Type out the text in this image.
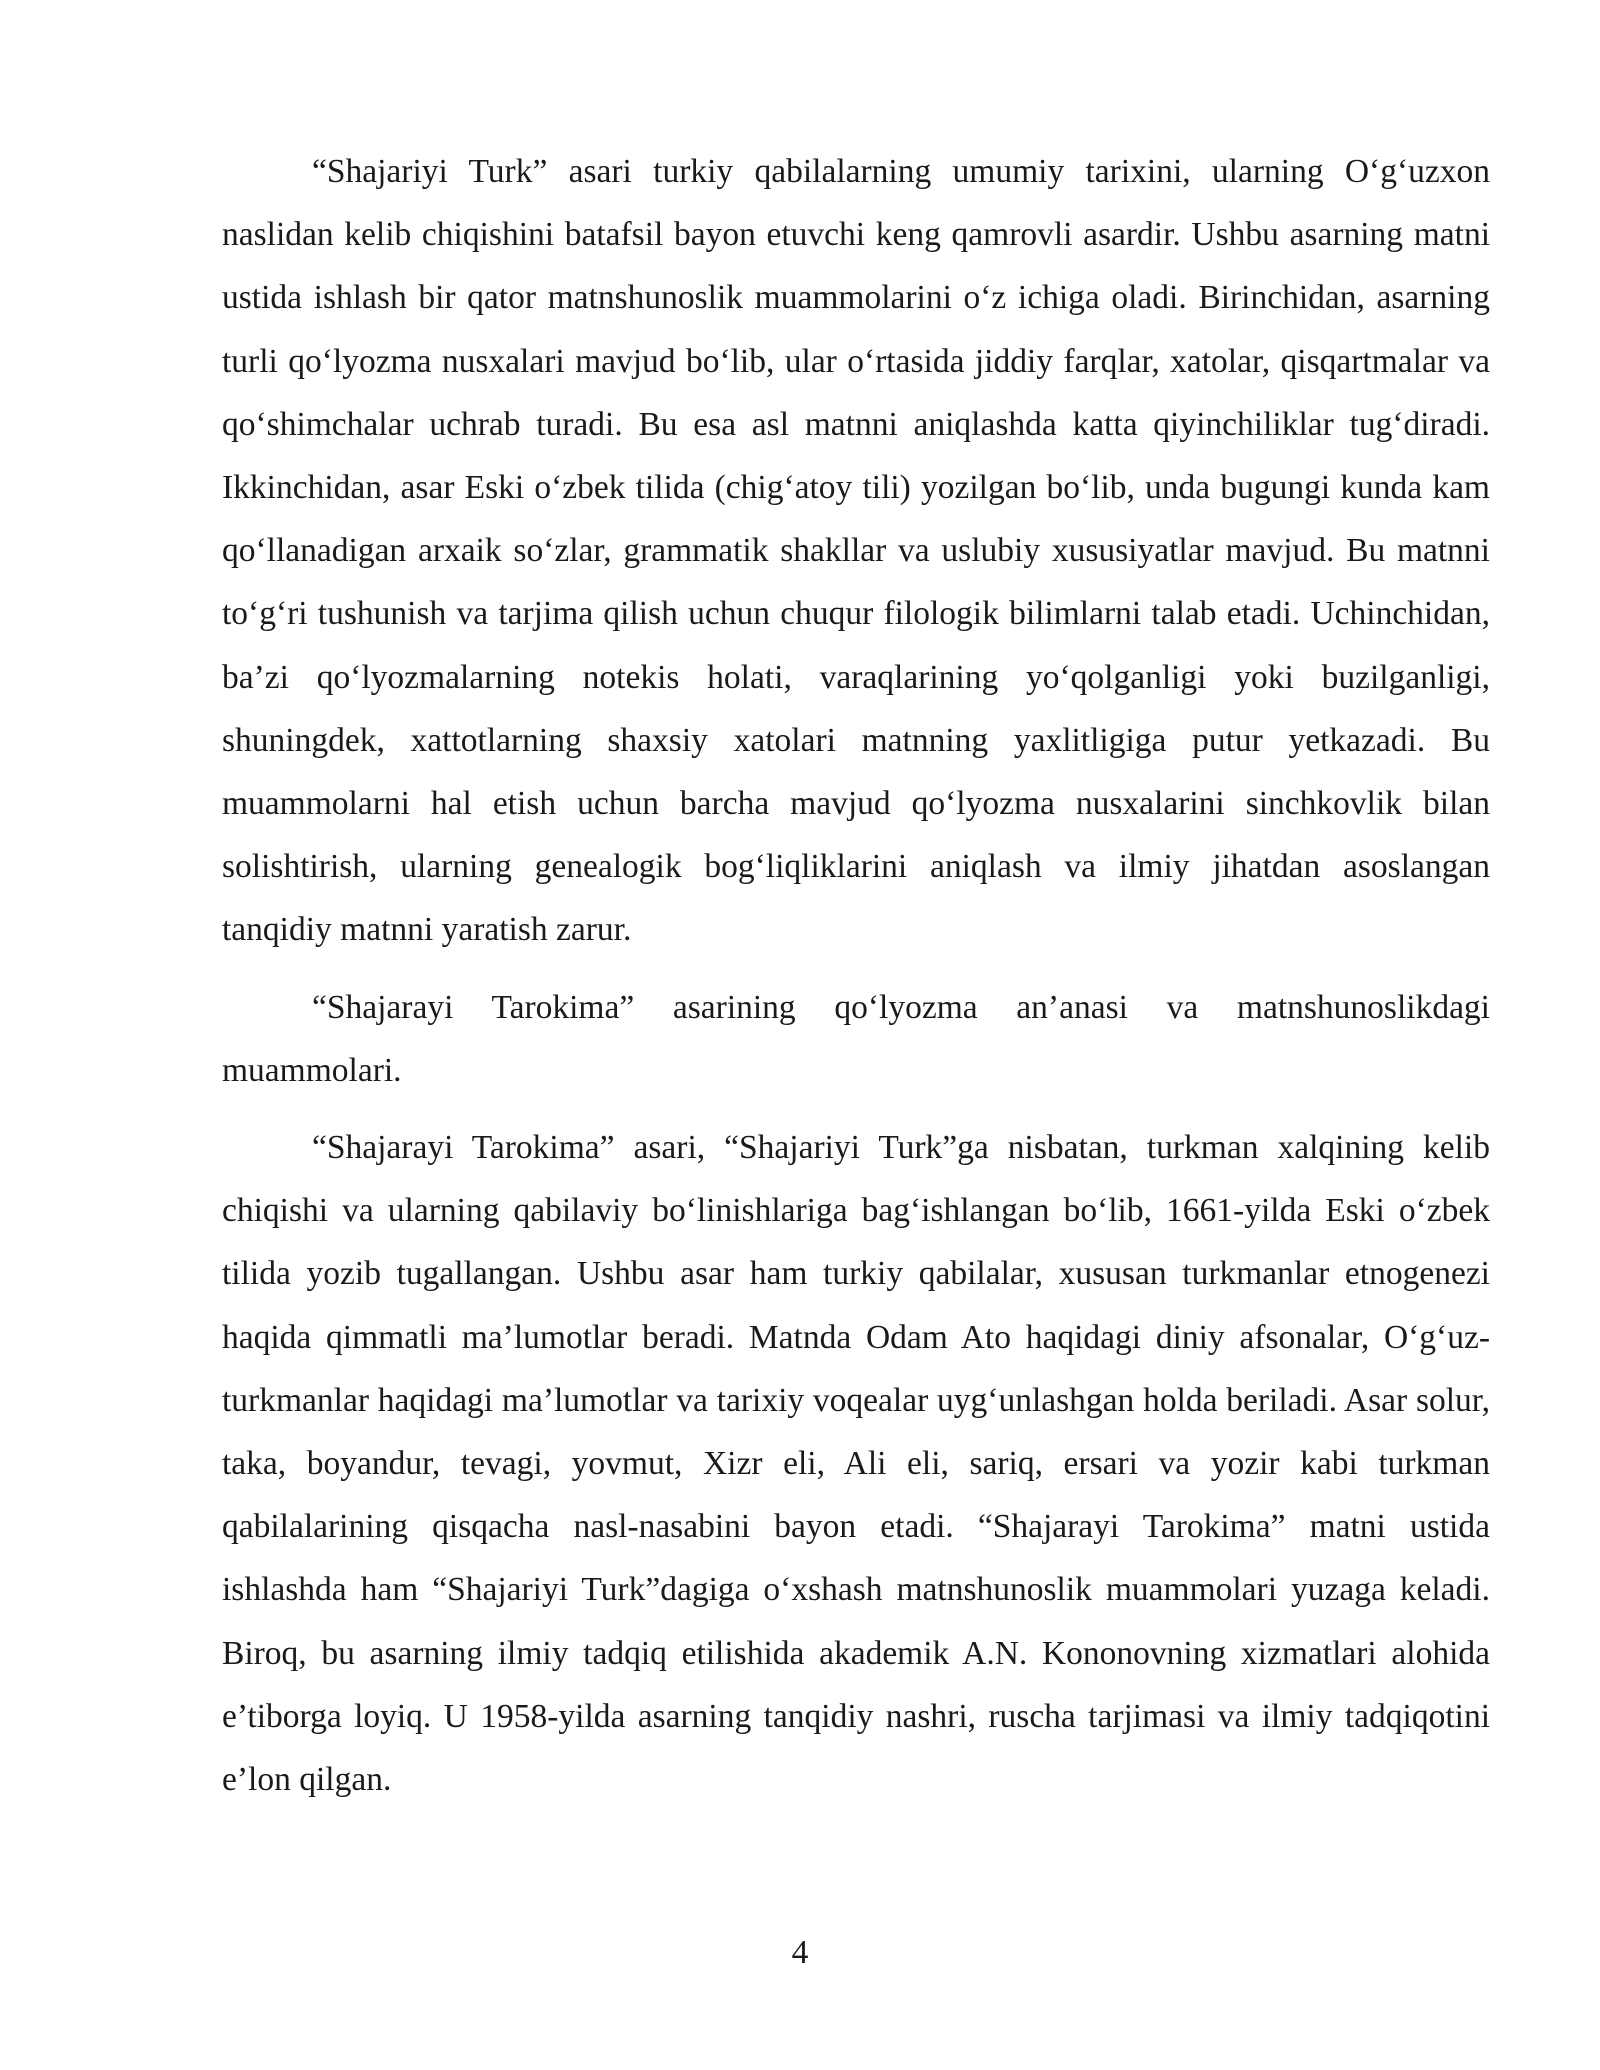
“Shajariyi Turk” asari turkiy qabilalarning umumiy tarixini, ularning O‘g‘uzxon naslidan kelib chiqishini batafsil bayon etuvchi keng qamrovli asardir. Ushbu asarning matni ustida ishlash bir qator matnshunoslik muammolarini o‘z ichiga oladi. Birinchidan, asarning turli qo‘lyozma nusxalari mavjud bo‘lib, ular o‘rtasida jiddiy farqlar, xatolar, qisqartmalar va qo‘shimchalar uchrab turadi. Bu esa asl matnni aniqlashda katta qiyinchiliklar tug‘diradi. Ikkinchidan, asar Eski o‘zbek tilida (chig‘atoy tili) yozilgan bo‘lib, unda bugungi kunda kam qo‘llanadigan arxaik so‘zlar, grammatik shakllar va uslubiy xususiyatlar mavjud. Bu matnni to‘g‘ri tushunish va tarjima qilish uchun chuqur filologik bilimlarni talab etadi. Uchinchidan, ba’zi qo‘lyozmalarning notekis holati, varaqlarining yo‘qolganligi yoki buzilganligi, shuningdek, xattotlarning shaxsiy xatolari matnning yaxlitligiga putur yetkazadi. Bu muammolarni hal etish uchun barcha mavjud qo‘lyozma nusxalarini sinchkovlik bilan solishtirish, ularning genealogik bog‘liqliklarini aniqlash va ilmiy jihatdan asoslangan tanqidiy matnni yaratish zarur.

“Shajarayi Tarokima” asarining qo‘lyozma an’anasi va matnshunoslikdagi muammolari.

“Shajarayi Tarokima” asari, “Shajariyi Turk”ga nisbatan, turkman xalqining kelib chiqishi va ularning qabilaviy bo‘linishlariga bag‘ishlangan bo‘lib, 1661-yilda Eski o‘zbek tilida yozib tugallangan. Ushbu asar ham turkiy qabilalar, xususan turkmanlar etnogenezi haqida qimmatli ma’lumotlar beradi. Matnda Odam Ato haqidagi diniy afsonalar, O‘g‘uz-turkmanlar haqidagi ma’lumotlar va tarixiy voqealar uyg‘unlashgan holda beriladi. Asar solur, taka, boyandur, tevagi, yovmut, Xizr eli, Ali eli, sariq, ersari va yozir kabi turkman qabilalarining qisqacha nasl-nasabini bayon etadi. “Shajarayi Tarokima” matni ustida ishlashda ham “Shajariyi Turk”dagiga o‘xshash matnshunoslik muammolari yuzaga keladi. Biroq, bu asarning ilmiy tadqiq etilishida akademik A.N. Kononovning xizmatlari alohida e’tiborga loyiq. U 1958-yilda asarning tanqidiy nashri, ruscha tarjimasi va ilmiy tadqiqotini e’lon qilgan.

4
